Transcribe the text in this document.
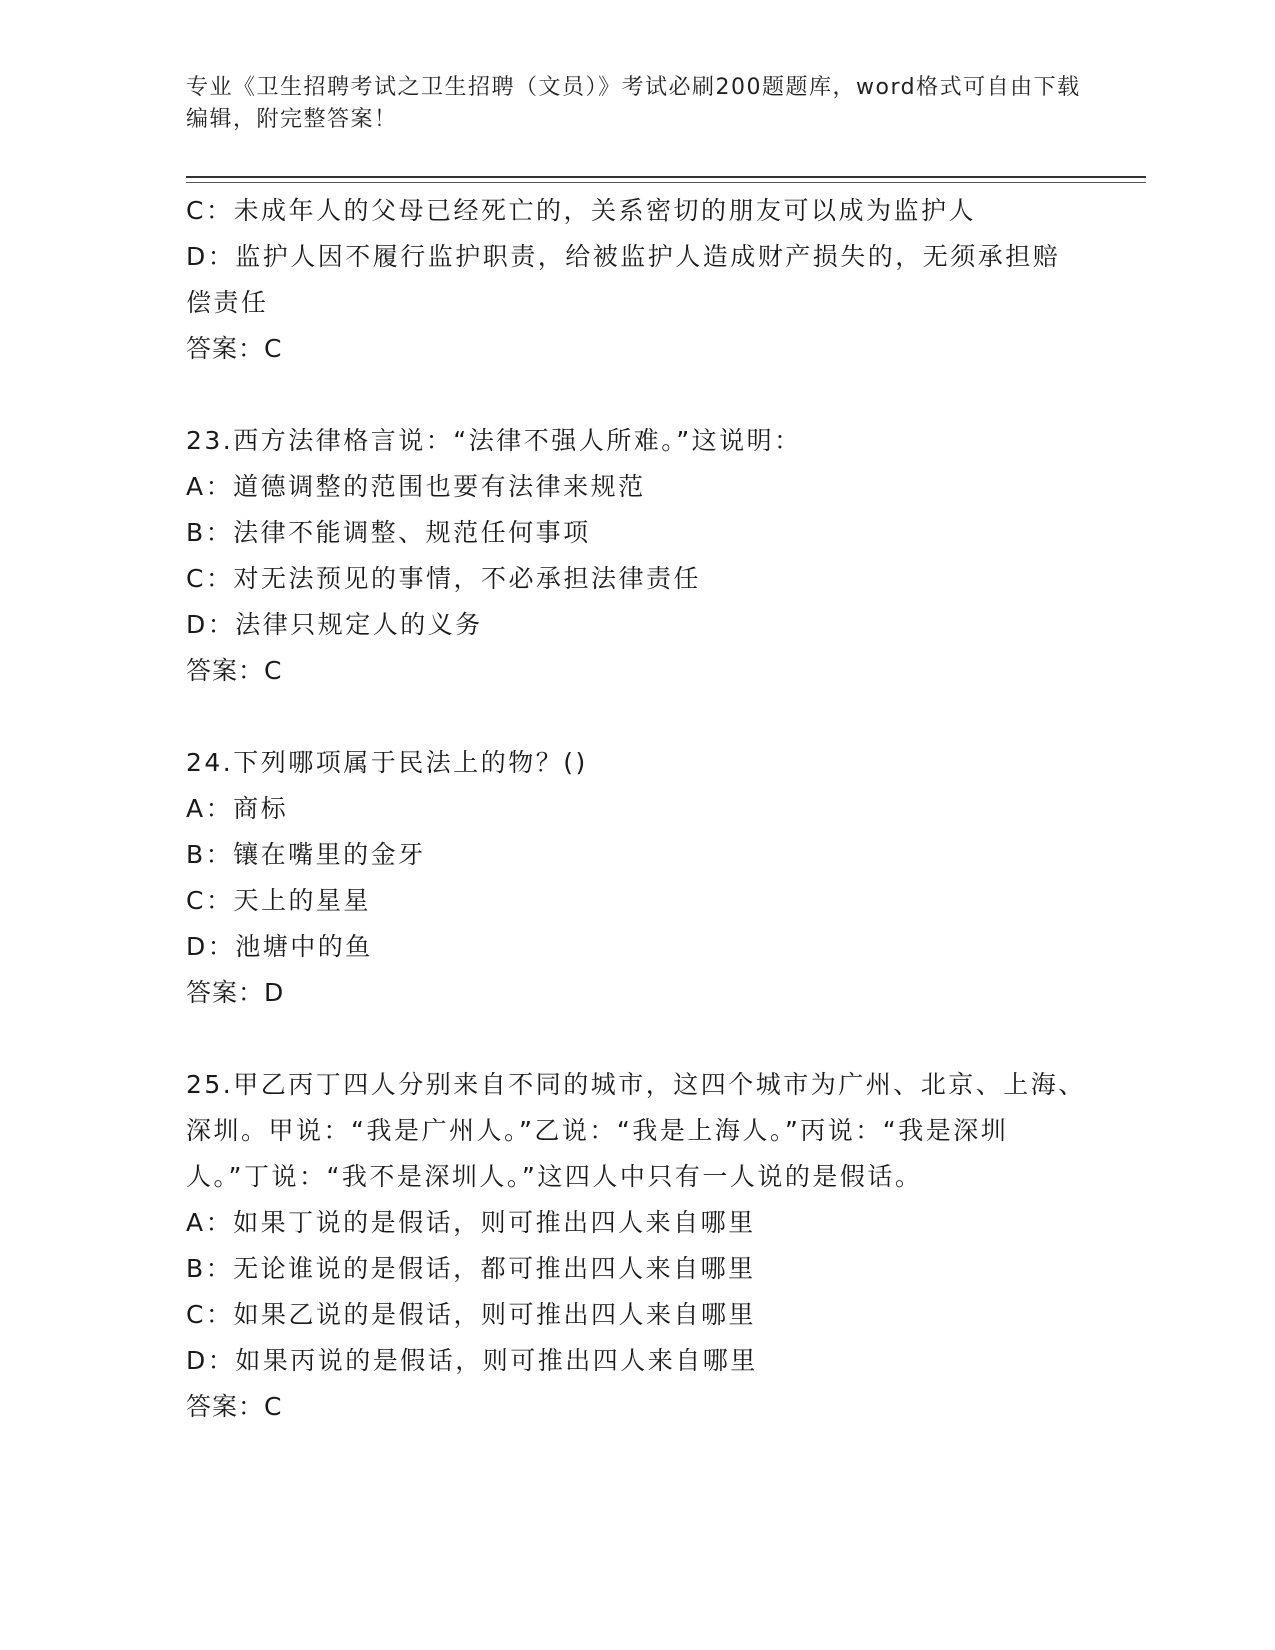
专业《卫生招聘考试之卫生招聘（文员）》考试必刷200题题库，word格式可自由下载编辑，附完整答案！
C：未成年人的父母已经死亡的，关系密切的朋友可以成为监护人
D：监护人因不履行监护职责，给被监护人造成财产损失的，无须承担赔偿责任
答案：C
23.西方法律格言说：“法律不强人所难。”这说明：
A：道德调整的范围也要有法律来规范
B：法律不能调整、规范任何事项
C：对无法预见的事情，不必承担法律责任
D：法律只规定人的义务
答案：C
24.下列哪项属于民法上的物？()
A：商标
B：镶在嘴里的金牙
C：天上的星星
D：池塘中的鱼
答案：D
25.甲乙丙丁四人分别来自不同的城市，这四个城市为广州、北京、上海、深圳。甲说：“我是广州人。”乙说：“我是上海人。”丙说：“我是深圳人。”丁说：“我不是深圳人。”这四人中只有一人说的是假话。
A：如果丁说的是假话，则可推出四人来自哪里
B：无论谁说的是假话，都可推出四人来自哪里
C：如果乙说的是假话，则可推出四人来自哪里
D：如果丙说的是假话，则可推出四人来自哪里
答案：C
